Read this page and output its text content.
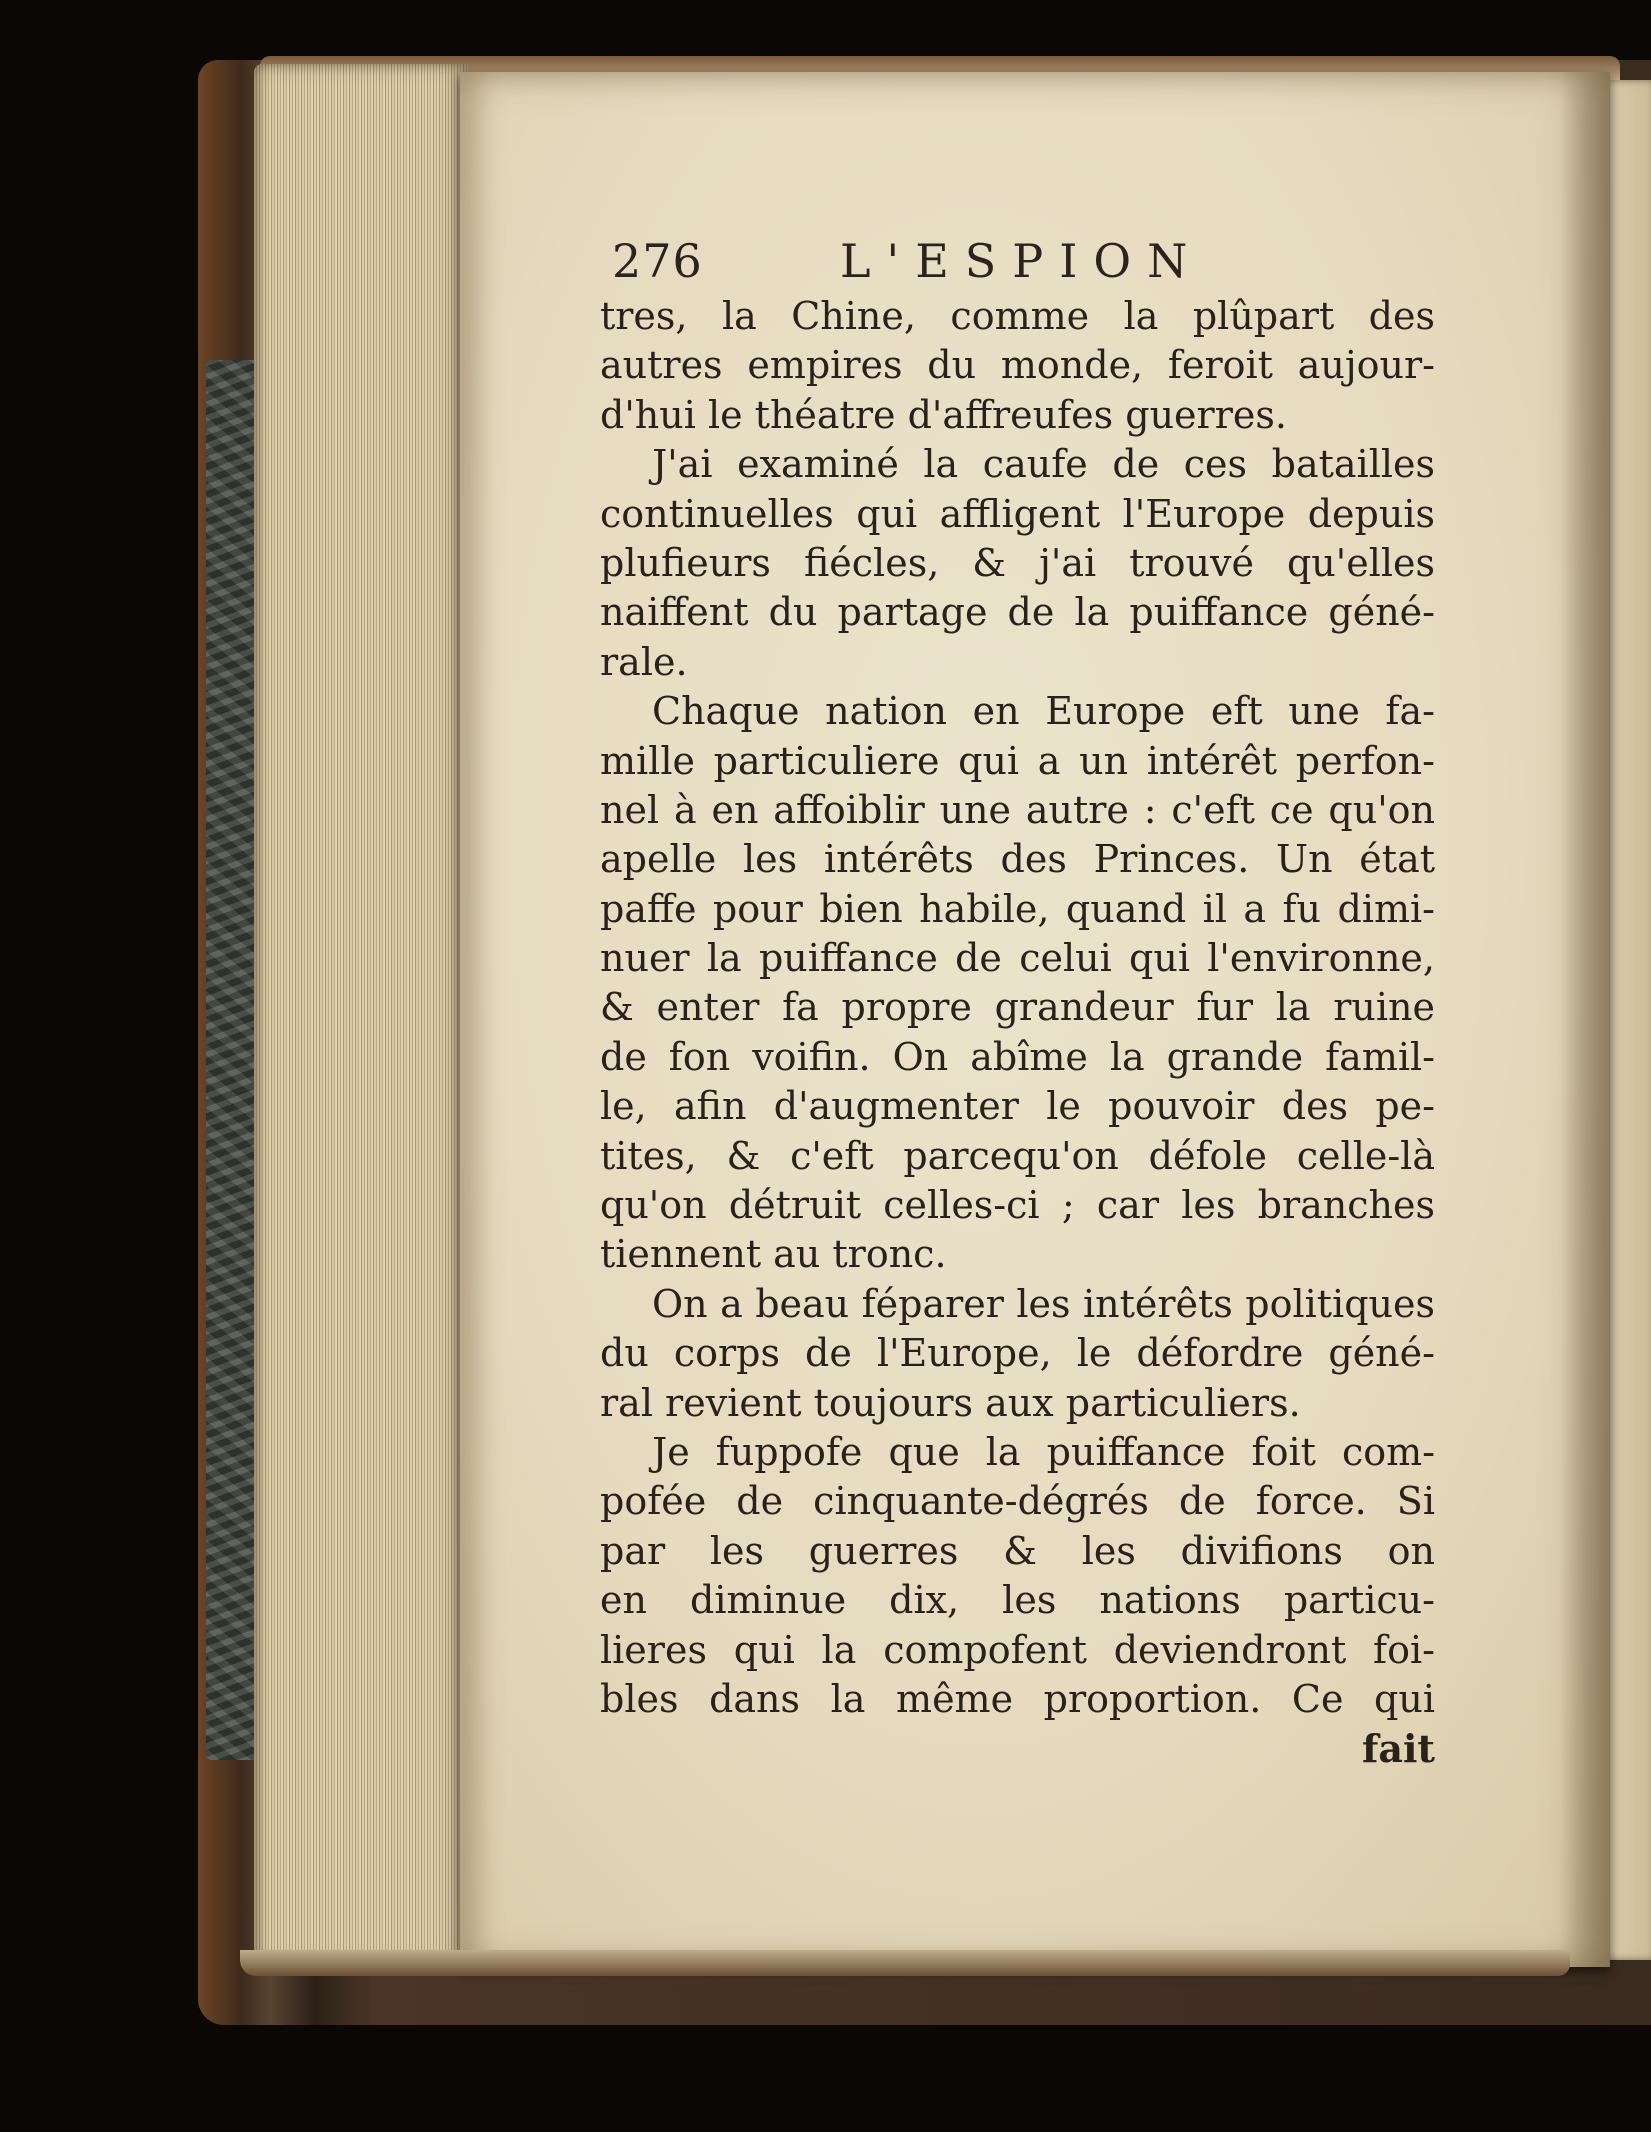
276	L'ESPION
tres, la Chine, comme la plûpart des
autres empires du monde, feroit aujour-
d'hui le théatre d'affreufes guerres.
J'ai examiné la caufe de ces batailles
continuelles qui affligent l'Europe depuis
plufieurs fiécles, & j'ai trouvé qu'elles
naiffent du partage de la puiffance géné-
rale.
Chaque nation en Europe eft une fa-
mille particuliere qui a un intérêt perfon-
nel à en affoiblir une autre : c'eft ce qu'on
apelle les intérêts des Princes. Un état
paffe pour bien habile, quand il a fu dimi-
nuer la puiffance de celui qui l'environne,
& enter fa propre grandeur fur la ruine
de fon voifin. On abîme la grande famil-
le, afin d'augmenter le pouvoir des pe-
tites, & c'eft parcequ'on défole celle-là
qu'on détruit celles-ci ; car les branches
tiennent au tronc.
On a beau féparer les intérêts politiques
du corps de l'Europe, le défordre géné-
ral revient toujours aux particuliers.
Je fuppofe que la puiffance foit com-
pofée de cinquante-dégrés de force. Si
par les guerres & les divifions on
en diminue dix, les nations particu-
lieres qui la compofent deviendront foi-
bles dans la même proportion. Ce qui
fait
